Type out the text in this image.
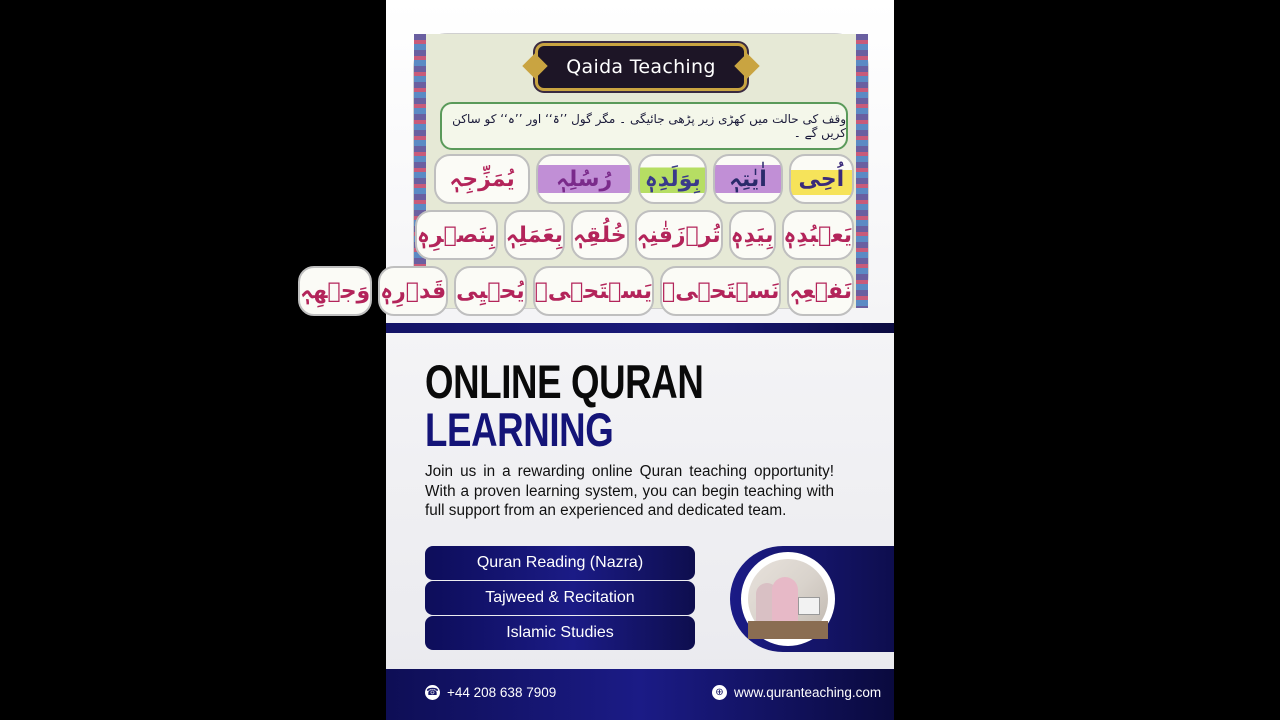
Qaida Teaching
وقف کی حالت میں کھڑی زیر پڑھی جائیگی ۔ مگر گول ’’ۃ‘‘ اور ’’ہ‘‘ کو ساکن کریں گے ۔
اُحِی
اٰیٰتِہٖ
بِوَلَدِہٖ
رُسُلِہٖ
یُمَزِّجِہٖ
یَعۡبُدِہٖ
بِیَدِہٖ
تُرۡزَقٰنِہٖ
خُلُقِہٖ
بِعَمَلِہٖ
بِنَصۡرِہٖ
نَفۡعِہٖ
نَسۡتَحۡیٖ
یَسۡتَحۡیٖ
یُحۡیِی
قَدۡرِہٖ
وَجۡھِہٖ
ONLINE QURAN
LEARNING

Join us in a rewarding online Quran teaching opportunity! With a proven learning system, you can begin teaching with full support from an experienced and dedicated team.

Quran Reading (Nazra)
Tajweed & Recitation
Islamic Studies
☎ +44 208 638 7909	⊕ www.quranteaching.com
